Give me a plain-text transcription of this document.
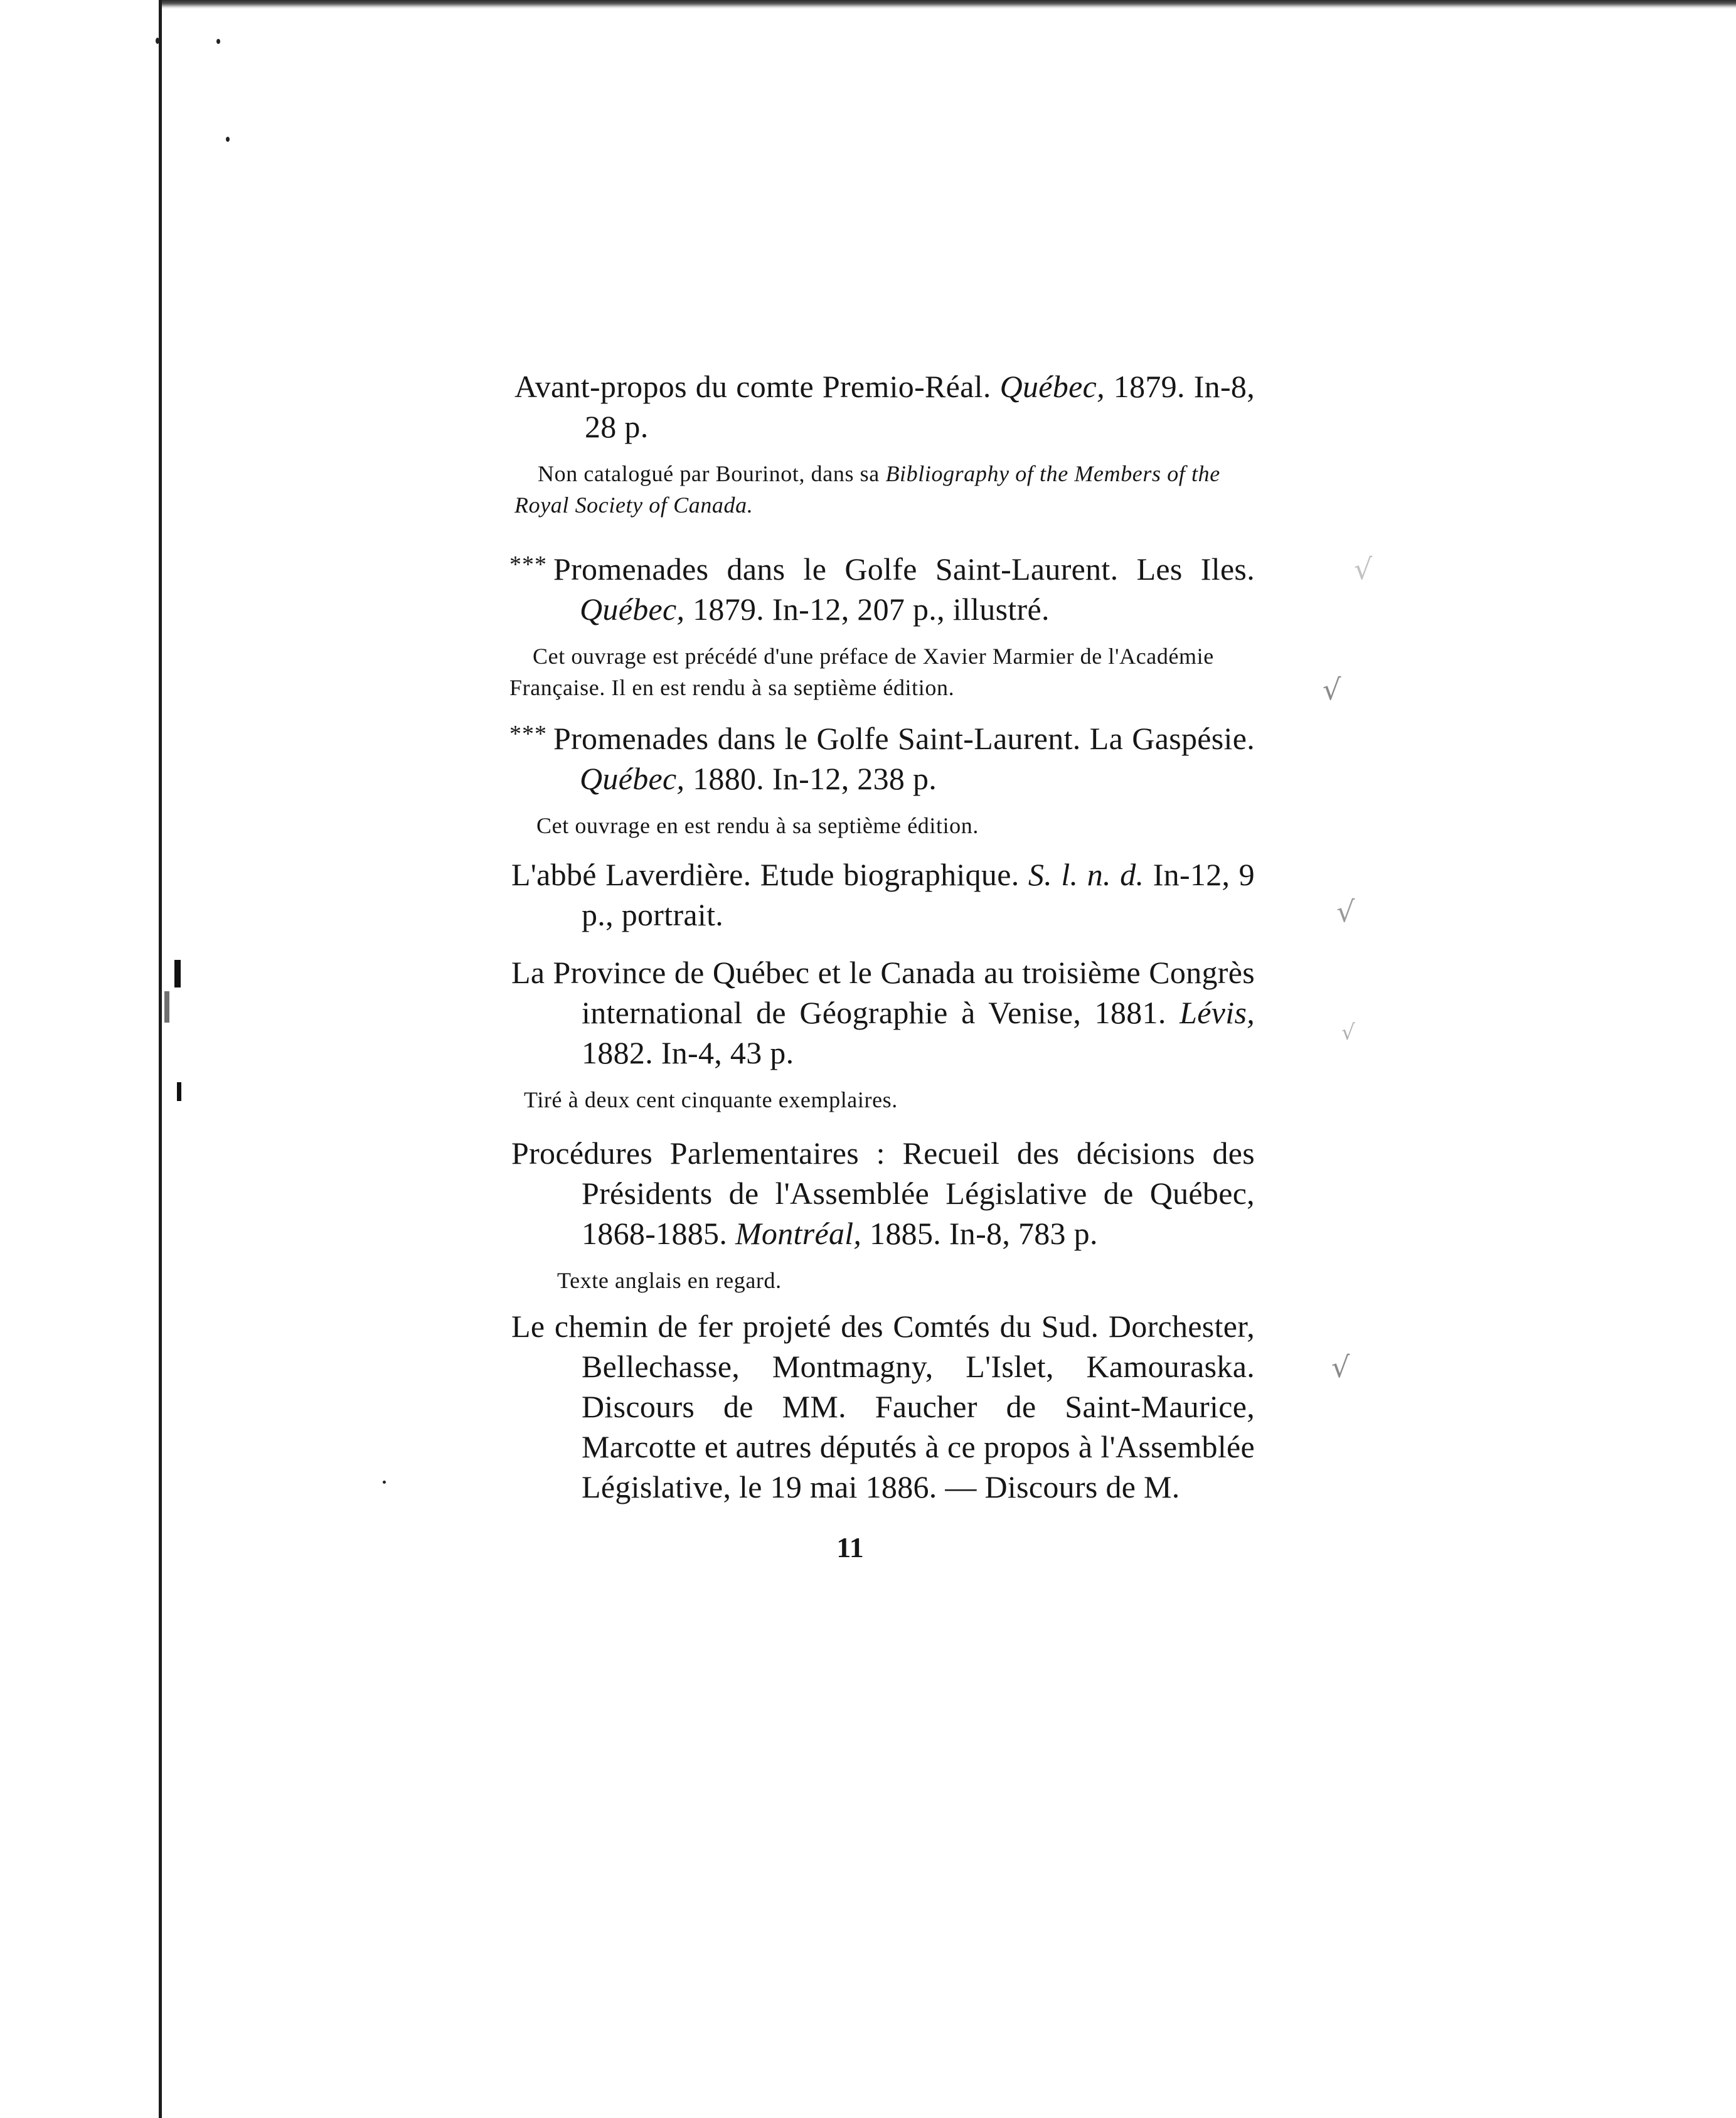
Avant-propos du comte Premio-Réal. Québec, 1879. In-8, 28 p.
Non catalogué par Bourinot, dans sa Bibliography of the Members of the Royal Society of Canada.
*** Promenades dans le Golfe Saint-Laurent. Les Iles. Québec, 1879. In-12, 207 p., illustré.
Cet ouvrage est précédé d'une préface de Xavier Marmier de l'Académie Française. Il en est rendu à sa septième édition.
*** Promenades dans le Golfe Saint-Laurent. La Gaspésie. Québec, 1880. In-12, 238 p.
Cet ouvrage en est rendu à sa septième édition.
L'abbé Laverdière. Etude biographique. S. l. n. d. In-12, 9 p., portrait.
La Province de Québec et le Canada au troisième Congrès international de Géographie à Venise, 1881. Lévis, 1882. In-4, 43 p.
Tiré à deux cent cinquante exemplaires.
Procédures Parlementaires : Recueil des décisions des Présidents de l'Assemblée Législative de Québec, 1868-1885. Montréal, 1885. In-8, 783 p.
Texte anglais en regard.
Le chemin de fer projeté des Comtés du Sud. Dorchester, Bellechasse, Montmagny, L'Islet, Kamouraska. Discours de MM. Faucher de Saint-Maurice, Marcotte et autres députés à ce propos à l'Assemblée Législative, le 19 mai 1886. — Discours de M.
11
√
√
√
√
√
